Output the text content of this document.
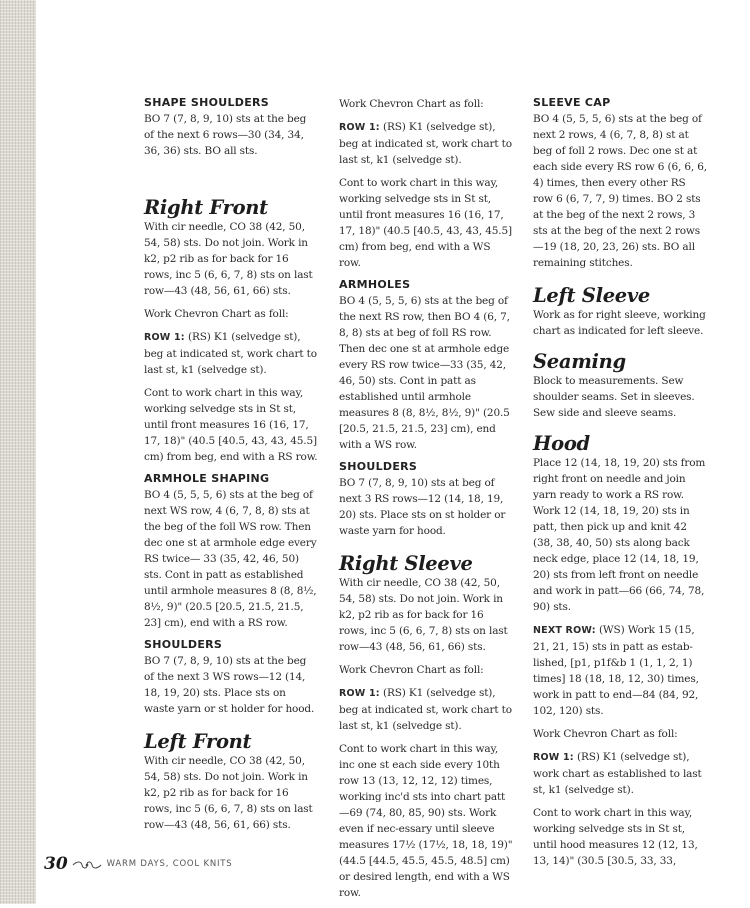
SHAPE SHOULDERS

BO 7 (7, 8, 9, 10) sts at the beg of the next 6 rows—30 (34, 34, 36, 36) sts. BO all sts.

Right Front

With cir needle, CO 38 (42, 50, 54, 58) sts. Do not join. Work in k2, p2 rib as for back for 16 rows, inc 5 (6, 6, 7, 8) sts on last row—43 (48, 56, 61, 66) sts.

Work Chevron Chart as foll:

ROW 1: (RS) K1 (selvedge st), beg at indicated st, work chart to last st, k1 (selvedge st).

Cont to work chart in this way, working selvedge sts in St st, until front measures 16 (16, 17, 17, 18)" (40.5 [40.5, 43, 43, 45.5] cm) from beg, end with a RS row.

ARMHOLE SHAPING

BO 4 (5, 5, 5, 6) sts at the beg of next WS row, 4 (6, 7, 8, 8) sts at the beg of the foll WS row. Then dec one st at armhole edge every RS twice— 33 (35, 42, 46, 50) sts. Cont in patt as established until armhole measures 8 (8, 8½, 8½, 9)" (20.5 [20.5, 21.5, 21.5, 23] cm), end with a RS row.

SHOULDERS

BO 7 (7, 8, 9, 10) sts at the beg of the next 3 WS rows—12 (14, 18, 19, 20) sts. Place sts on waste yarn or st holder for hood.

Left Front

With cir needle, CO 38 (42, 50, 54, 58) sts. Do not join. Work in k2, p2 rib as for back for 16 rows, inc 5 (6, 6, 7, 8) sts on last row—43 (48, 56, 61, 66) sts.

Work Chevron Chart as foll:

ROW 1: (RS) K1 (selvedge st), beg at indicated st, work chart to last st, k1 (selvedge st).

Cont to work chart in this way, working selvedge sts in St st, until front measures 16 (16, 17, 17, 18)" (40.5 [40.5, 43, 43, 45.5] cm) from beg, end with a WS row.

ARMHOLES

BO 4 (5, 5, 5, 6) sts at the beg of the next RS row, then BO 4 (6, 7, 8, 8) sts at beg of foll RS row. Then dec one st at armhole edge every RS row twice—33 (35, 42, 46, 50) sts. Cont in patt as established until armhole measures 8 (8, 8½, 8½, 9)" (20.5 [20.5, 21.5, 21.5, 23] cm), end with a WS row.

SHOULDERS

BO 7 (7, 8, 9, 10) sts at beg of next 3 RS rows—12 (14, 18, 19, 20) sts. Place sts on st holder or waste yarn for hood.

Right Sleeve

With cir needle, CO 38 (42, 50, 54, 58) sts. Do not join. Work in k2, p2 rib as for back for 16 rows, inc 5 (6, 6, 7, 8) sts on last row—43 (48, 56, 61, 66) sts.

Work Chevron Chart as foll:

ROW 1: (RS) K1 (selvedge st), beg at indicated st, work chart to last st, k1 (selvedge st).

Cont to work chart in this way, inc one st each side every 10th row 13 (13, 12, 12, 12) times, working inc'd sts into chart patt—69 (74, 80, 85, 90) sts. Work even if nec-essary until sleeve measures 17½ (17½, 18, 18, 19)" (44.5 [44.5, 45.5, 45.5, 48.5] cm) or desired length, end with a WS row.

SLEEVE CAP

BO 4 (5, 5, 5, 6) sts at the beg of next 2 rows, 4 (6, 7, 8, 8) st at beg of foll 2 rows. Dec one st at each side every RS row 6 (6, 6, 6, 4) times, then every other RS row 6 (6, 7, 7, 9) times. BO 2 sts at the beg of the next 2 rows, 3 sts at the beg of the next 2 rows—19 (18, 20, 23, 26) sts. BO all remaining stitches.

Left Sleeve

Work as for right sleeve, working chart as indicated for left sleeve.

Seaming

Block to measurements. Sew shoulder seams. Set in sleeves. Sew side and sleeve seams.

Hood

Place 12 (14, 18, 19, 20) sts from right front on needle and join yarn ready to work a RS row. Work 12 (14, 18, 19, 20) sts in patt, then pick up and knit 42 (38, 38, 40, 50) sts along back neck edge, place 12 (14, 18, 19, 20) sts from left front on needle and work in patt—66 (66, 74, 78, 90) sts.

NEXT ROW: (WS) Work 15 (15, 21, 21, 15) sts in patt as estab-lished, [p1, p1f&b 1 (1, 1, 2, 1) times] 18 (18, 18, 12, 30) times, work in patt to end—84 (84, 92, 102, 120) sts.

Work Chevron Chart as foll:

ROW 1: (RS) K1 (selvedge st), work chart as established to last st, k1 (selvedge st).

Cont to work chart in this way, working selvedge sts in St st, until hood measures 12 (12, 13, 13, 14)" (30.5 [30.5, 33, 33,

30	WARM DAYS, COOL KNITS
